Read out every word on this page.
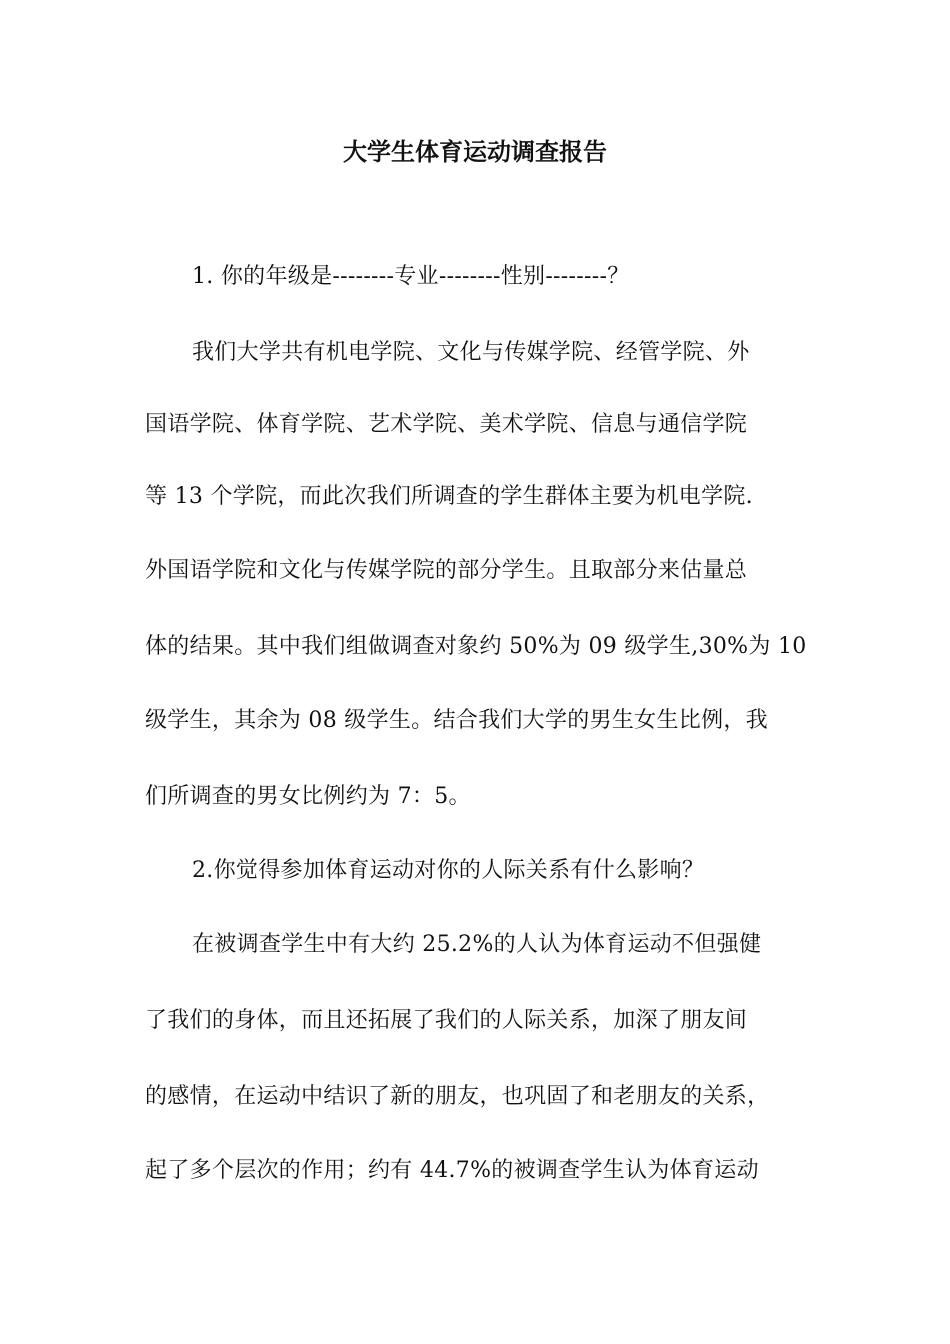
大学生体育运动调查报告
1. 你的年级是--------专业--------性别--------？
我们大学共有机电学院、文化与传媒学院、经管学院、外
国语学院、体育学院、艺术学院、美术学院、信息与通信学院
等 13 个学院，而此次我们所调查的学生群体主要为机电学院.
外国语学院和文化与传媒学院的部分学生。且取部分来估量总
体的结果。其中我们组做调查对象约 50%为 09 级学生,30%为 10
级学生，其余为 08 级学生。结合我们大学的男生女生比例，我
们所调查的男女比例约为 7：5。
2.你觉得参加体育运动对你的人际关系有什么影响？
在被调查学生中有大约 25.2%的人认为体育运动不但强健
了我们的身体，而且还拓展了我们的人际关系，加深了朋友间
的感情，在运动中结识了新的朋友，也巩固了和老朋友的关系，
起了多个层次的作用；约有 44.7%的被调查学生认为体育运动
